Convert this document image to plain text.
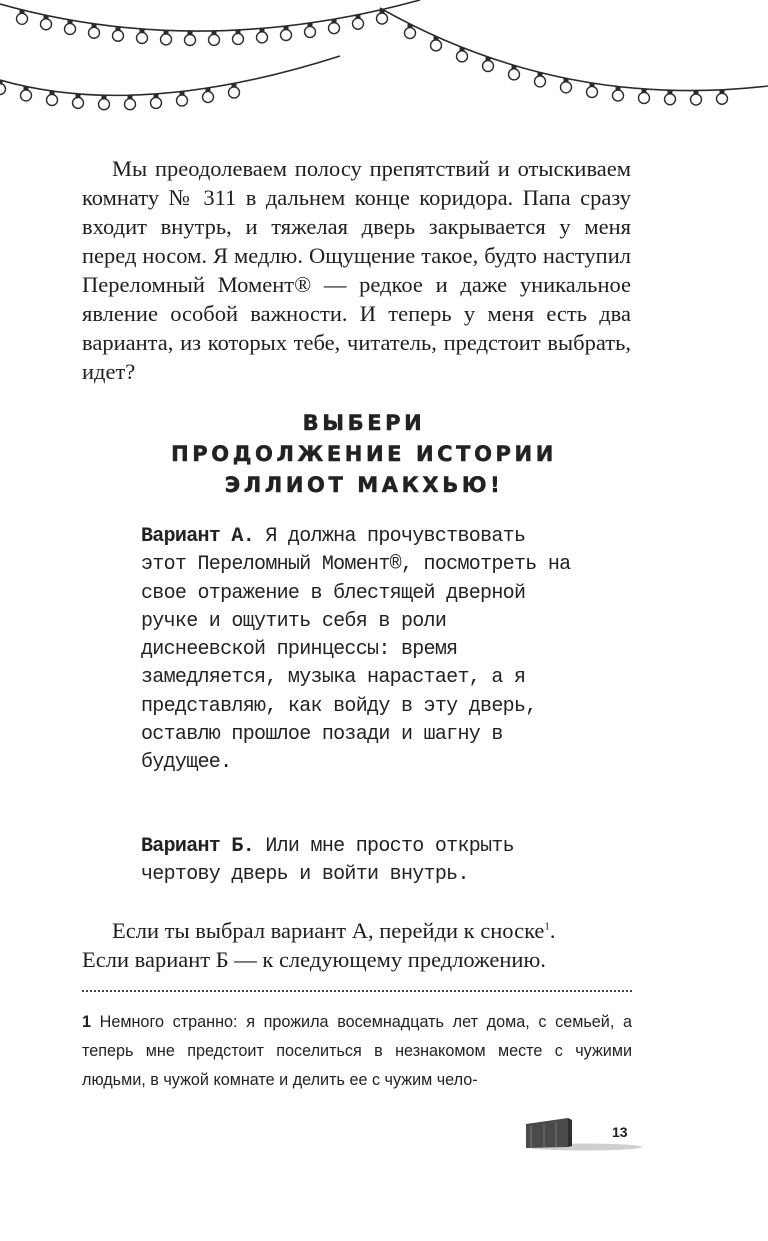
Мы преодолеваем полосу препятствий и отыскиваем комнату № 311 в дальнем конце коридора. Папа сразу входит внутрь, и тяжелая дверь закрывается у меня перед носом. Я медлю. Ощущение такое, будто наступил Переломный Момент® — редкое и даже уникальное явление особой важности. И теперь у меня есть два варианта, из которых тебе, читатель, предстоит выбрать, идет?

ВЫБЕРИ
ПРОДОЛЖЕНИЕ ИСТОРИИ
ЭЛЛИОТ МАКХЬЮ!

Вариант А. Я должна прочувствовать этот Переломный Момент®, посмотреть на свое отражение в блестящей дверной ручке и ощутить себя в роли диснеевской принцессы: время замедляется, музыка нарастает, а я представляю, как войду в эту дверь, оставлю прошлое позади и шагну в будущее.

Вариант Б. Или мне просто открыть чертову дверь и войти внутрь.

Если ты выбрал вариант А, перейди к сноске$^1$.
Если вариант Б — к следующему предложению.

1 Немного странно: я прожила восемнадцать лет дома, с семьей, а теперь мне предстоит поселиться в незнакомом месте с чужими людьми, в чужой комнате и делить ее с чужим чело-

13
